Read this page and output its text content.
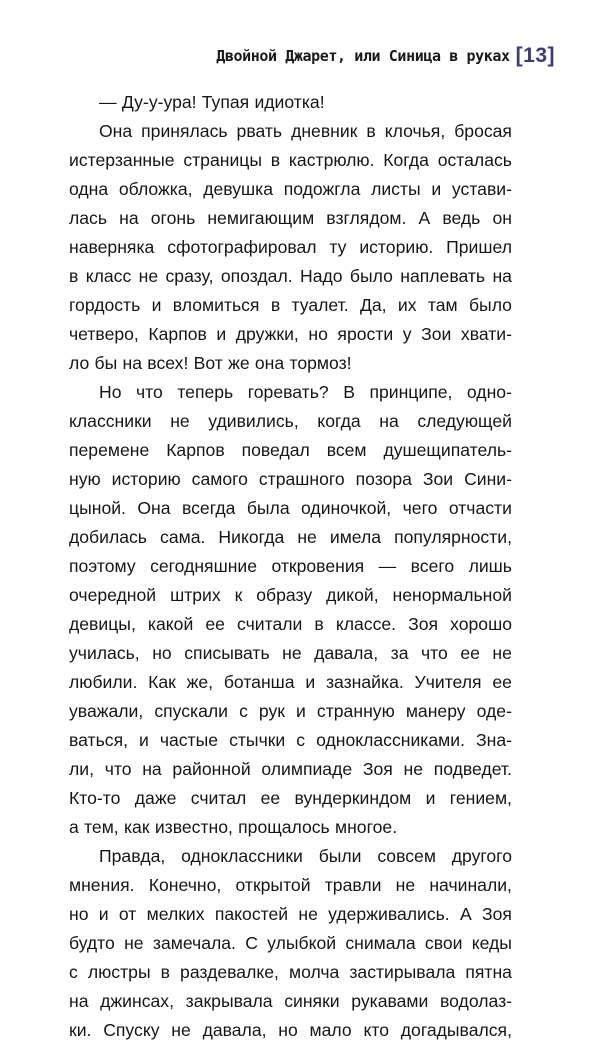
Двойной Джарет, или Синица в руках [13]
— Ду-у-ура! Тупая идиотка!
Она принялась рвать дневник в клочья, бросая
истерзанные страницы в кастрюлю. Когда осталась
одна обложка, девушка подожгла листы и устави-
лась на огонь немигающим взглядом. А ведь он
наверняка сфотографировал ту историю. Пришел
в класс не сразу, опоздал. Надо было наплевать на
гордость и вломиться в туалет. Да, их там было
четверо, Карпов и дружки, но ярости у Зои хвати-
ло бы на всех! Вот же она тормоз!
Но что теперь горевать? В принципе, одно-
классники не удивились, когда на следующей
перемене Карпов поведал всем душещипатель-
ную историю самого страшного позора Зои Сини-
цыной. Она всегда была одиночкой, чего отчасти
добилась сама. Никогда не имела популярности,
поэтому сегодняшние откровения — всего лишь
очередной штрих к образу дикой, ненормальной
девицы, какой ее считали в классе. Зоя хорошо
училась, но списывать не давала, за что ее не
любили. Как же, ботанша и зазнайка. Учителя ее
уважали, спускали с рук и странную манеру оде-
ваться, и частые стычки с одноклассниками. Зна-
ли, что на районной олимпиаде Зоя не подведет.
Кто-то даже считал ее вундеркиндом и гением,
а тем, как известно, прощалось многое.
Правда, одноклассники были совсем другого
мнения. Конечно, открытой травли не начинали,
но и от мелких пакостей не удерживались. А Зоя
будто не замечала. С улыбкой снимала свои кеды
с люстры в раздевалке, молча застирывала пятна
на джинсах, закрывала синяки рукавами водолаз-
ки. Спуску не давала, но мало кто догадывался,
